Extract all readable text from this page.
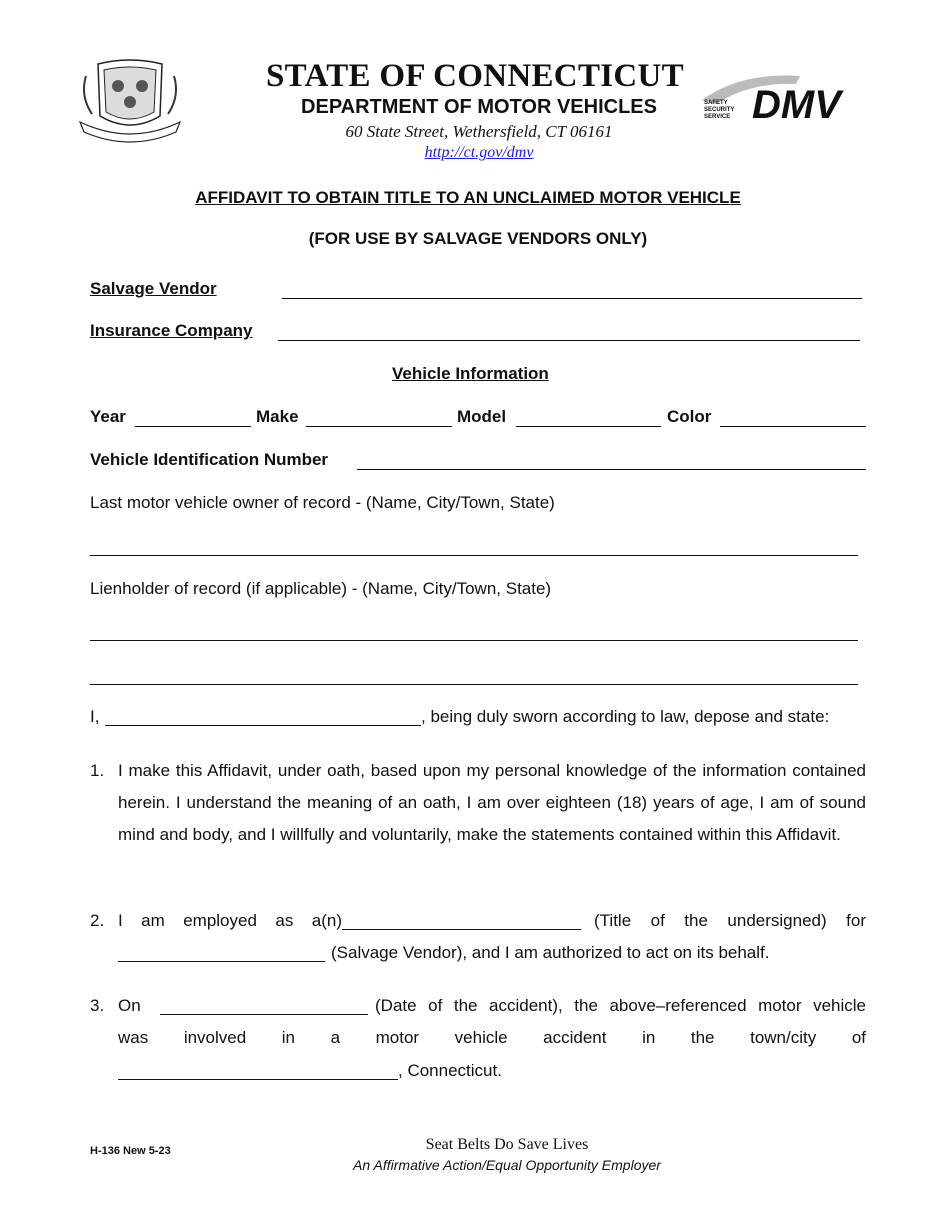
SAFETY
SECURITY
SERVICE DMV
STATE OF CONNECTICUT
DEPARTMENT OF MOTOR VEHICLES
60 State Street, Wethersfield, CT 06161
http://ct.gov/dmv
AFFIDAVIT TO OBTAIN TITLE TO AN UNCLAIMED MOTOR VEHICLE
(FOR USE BY SALVAGE VENDORS ONLY)
Salvage Vendor
Insurance Company
Vehicle Information
Year	Make	Model	Color
Vehicle Identification Number
Last motor vehicle owner of record - (Name, City/Town, State)
Lienholder of record (if applicable) - (Name, City/Town, State)
I,	, being duly sworn according to law, depose and state:
1. I make this Affidavit, under oath, based upon my personal knowledge of the information contained herein. I understand the meaning of an oath, I am over eighteen (18) years of age, I am of sound mind and body, and I willfully and voluntarily, make the statements contained within this Affidavit.
2. I am employed as a(n)	(Title of the undersigned) for
(Salvage Vendor), and I am authorized to act on its behalf.
3. On	(Date of the accident), the above–referenced motor vehicle
was involved in a motor vehicle accident in the town/city of
, Connecticut.
H-136 New 5-23	Seat Belts Do Save Lives
An Affirmative Action/Equal Opportunity Employer
